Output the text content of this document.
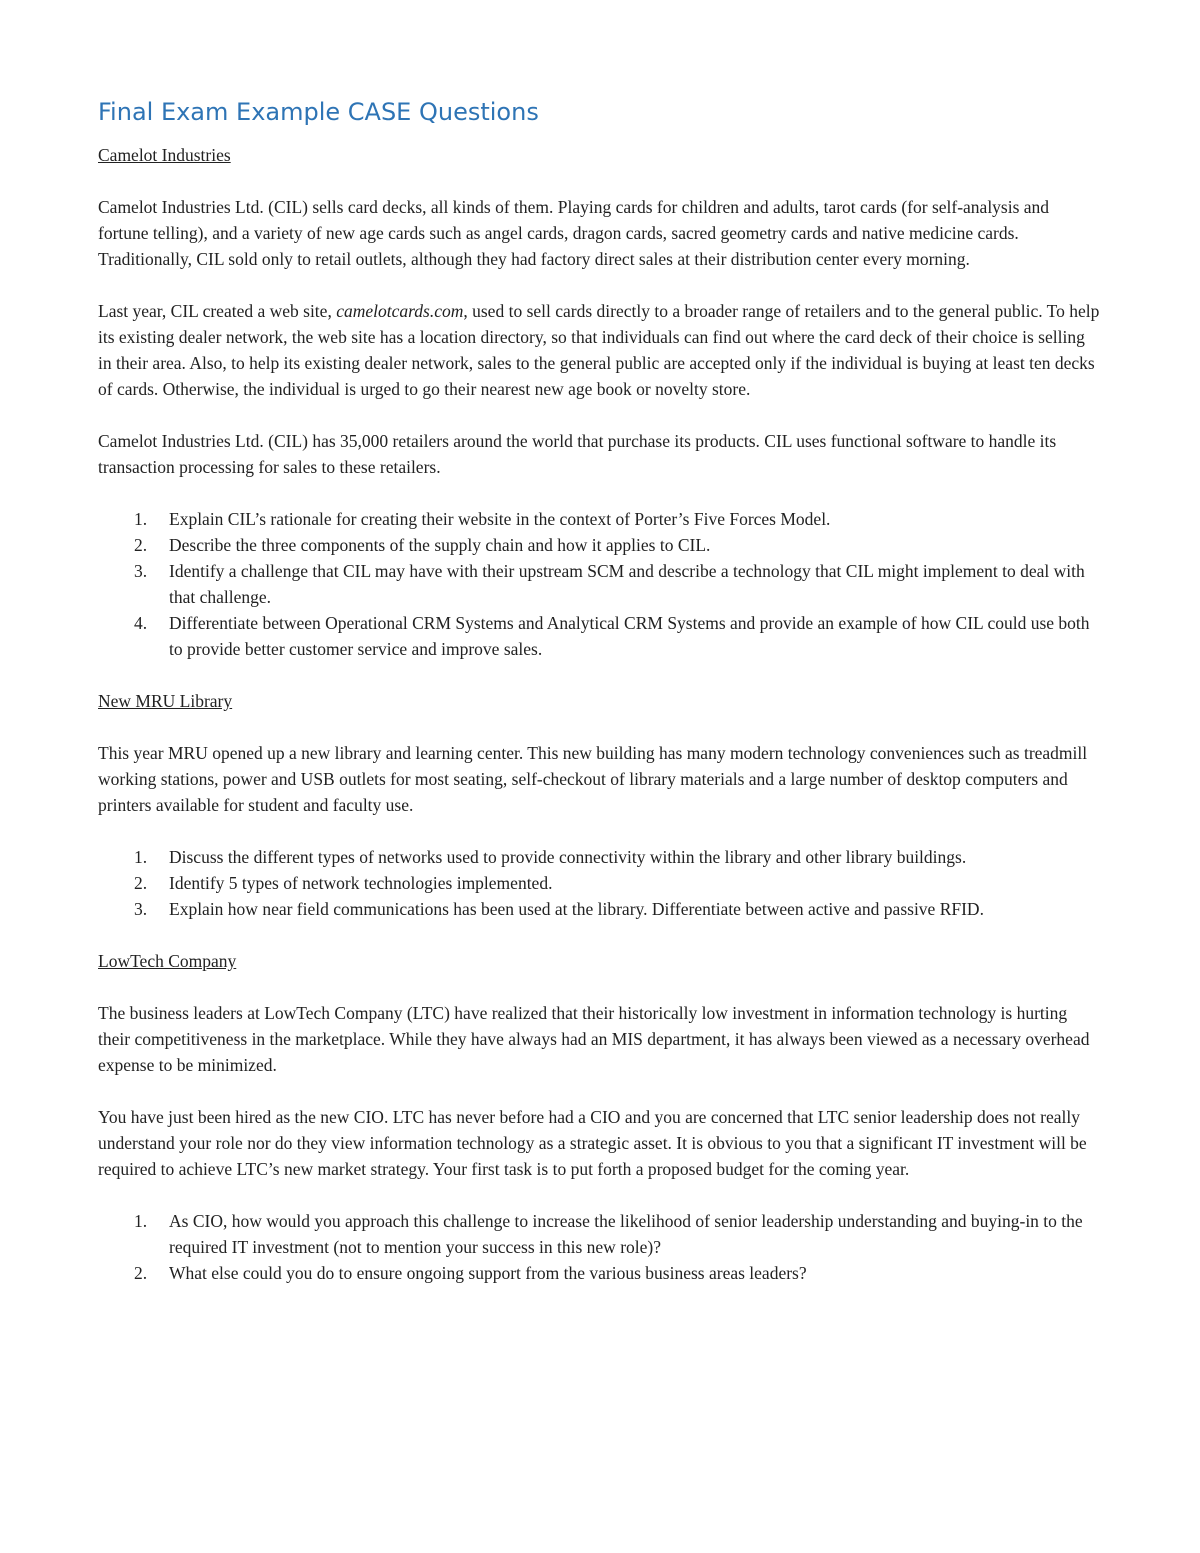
Final Exam Example CASE Questions
Camelot Industries

Camelot Industries Ltd. (CIL) sells card decks, all kinds of them. Playing cards for children and adults, tarot cards (for self-analysis and fortune telling), and a variety of new age cards such as angel cards, dragon cards, sacred geometry cards and native medicine cards. Traditionally, CIL sold only to retail outlets, although they had factory direct sales at their distribution center every morning.

Last year, CIL created a web site, camelotcards.com, used to sell cards directly to a broader range of retailers and to the general public. To help its existing dealer network, the web site has a location directory, so that individuals can find out where the card deck of their choice is selling in their area. Also, to help its existing dealer network, sales to the general public are accepted only if the individual is buying at least ten decks of cards. Otherwise, the individual is urged to go their nearest new age book or novelty store.

Camelot Industries Ltd. (CIL) has 35,000 retailers around the world that purchase its products. CIL uses functional software to handle its transaction processing for sales to these retailers.

1. Explain CIL’s rationale for creating their website in the context of Porter’s Five Forces Model.
2. Describe the three components of the supply chain and how it applies to CIL.
3. Identify a challenge that CIL may have with their upstream SCM and describe a technology that CIL might implement to deal with that challenge.
4. Differentiate between Operational CRM Systems and Analytical CRM Systems and provide an example of how CIL could use both to provide better customer service and improve sales.
New MRU Library

This year MRU opened up a new library and learning center. This new building has many modern technology conveniences such as treadmill working stations, power and USB outlets for most seating, self-checkout of library materials and a large number of desktop computers and printers available for student and faculty use.

1. Discuss the different types of networks used to provide connectivity within the library and other library buildings.
2. Identify 5 types of network technologies implemented.
3. Explain how near field communications has been used at the library. Differentiate between active and passive RFID.
LowTech Company

The business leaders at LowTech Company (LTC) have realized that their historically low investment in information technology is hurting their competitiveness in the marketplace. While they have always had an MIS department, it has always been viewed as a necessary overhead expense to be minimized.

You have just been hired as the new CIO. LTC has never before had a CIO and you are concerned that LTC senior leadership does not really understand your role nor do they view information technology as a strategic asset. It is obvious to you that a significant IT investment will be required to achieve LTC’s new market strategy. Your first task is to put forth a proposed budget for the coming year.

1. As CIO, how would you approach this challenge to increase the likelihood of senior leadership understanding and buying-in to the required IT investment (not to mention your success in this new role)?
2. What else could you do to ensure ongoing support from the various business areas leaders?
